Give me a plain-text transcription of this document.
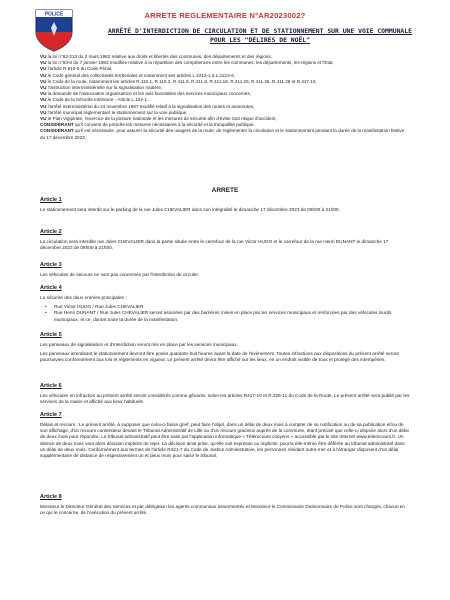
POLICE	ARRETE REGLEMENTAIRE N°AR2023002?
ARRÊTÉ D'INTERDICTION DE CIRCULATION ET DE STATIONNEMENT SUR UNE VOIE COMMUNALE POUR LES "DÉLIRES DE NOËL"

VU la loi n°82-213 du 2 mars 1982 relative aux droits et libertés des communes, des départements et des régions,

VU la loi n°83-8 du 7 janvier 1983 modifiée relative à la répartition des compétences entre les communes, les départements, les régions et l'État,

VU l'article R.610-5 du Code Pénal,

VU le Code général des collectivités territoriales et notamment ses articles L.2213-1 à L.2213-6,

VU le Code de la route, notamment les articles R.110.1, R.110.2, R.411.5, R.411.8, R.411.18, R.411.25, R.411.26, R.411.28 et R.417.10,

VU l'instruction interministérielle sur la signalisation routière,

VU la demande de l'association organisatrice et les avis favorables des services municipaux concernés,

VU le Code de la Sécurité Intérieure - Article L.132-1,

VU l'arrêté interministériel du 24 novembre 1967 modifié relatif à la signalisation des routes et autoroutes,

VU l'arrêté municipal réglementant le stationnement sur la voie publique,

VU le Plan Vigipirate, l'exercice de la posture nationale et les mesures de sécurité afin d'éviter tout risque d'accident,

CONSIDÉRANT qu'il convient de prendre les mesures nécessaires à la sécurité et la tranquillité publique,

CONSIDÉRANT qu'il est nécessaire, pour assurer la sécurité des usagers de la route, de réglementer la circulation et le stationnement pendant la durée de la manifestation festive du 17 décembre 2023,

ARRETE
Article 1

Le stationnement sera interdit sur le parking de la rue Jules CHEVALIER dans son intégralité le dimanche 17 décembre 2023 de 08h00 à 21h00.

Article 2

La circulation sera interdite rue Jules CHEVALIER dans la partie située entre le carrefour de la rue Victor HUGO et le carrefour de la rue Henri DUNANT le dimanche 17 décembre 2023 de 08h00 à 21h00.

Article 3

Les véhicules de secours ne sont pas concernés par l'interdiction de circuler.

Article 4

La sécurité des deux entrées principales :

• Rue Victor HUGO / Rue Jules CHEVALIER
• Rue Henri DUNANT / Rue Jules CHEVALIER seront assurées par des barrières mises en place par les services municipaux et renforcées par des véhicules lourds municipaux, et ce, durant toute la durée de la manifestation.
Article 5

Les panneaux de signalisation et d'interdiction seront mis en place par les services municipaux.

Les panneaux interdisant le stationnement devront être posés quarante-huit heures avant la date de l'évènement. Toutes infractions aux dispositions du présent arrêté seront poursuivies conformément aux lois et règlements en vigueur. Le présent arrêté devra être affiché sur les lieux, en un endroit visible de tous et protégé des intempéries.

Article 6

Les véhicules en infraction au présent arrêté seront considérés comme gênants, selon les articles R417-10 et R.325-11 du Code de la Route. Le présent arrêté sera publié par les services de la mairie et affiché aux lieux habituels.

Article 7

Délais et recours : Le présent arrêté, à supposer que celui-ci fasse grief, peut faire l'objet, dans un délai de deux mois à compter de sa notification ou de sa publication et/ou de son affichage, d'un recours contentieux devant le Tribunal Administratif de Lille ou d'un recours gracieux auprès de la commune, étant précisé que celle-ci dispose alors d'un délai de deux mois pour répondre. Le tribunal administratif peut être saisi par l'application informatique « Télérecours citoyens » accessible par le site Internet www.telerecours.fr. Un silence de deux mois vaut alors décision implicite de rejet. La décision ainsi prise, qu'elle soit expresse ou implicite, pourra elle-même être déférée au tribunal administratif dans un délai de deux mois. Conformément aux termes de l'article R421-7 du Code de Justice Administrative, les personnes résidant outre-mer et à l'étranger disposent d'un délai supplémentaire de distance de respectivement un et deux mois pour saisir le tribunal.

Article 8

Monsieur le Directeur Général des Services et par délégation les agents communaux assermentés et Monsieur le Commissaire Divisionnaire de Police sont chargés, chacun en ce qui le concerne, de l'exécution du présent arrêté.
